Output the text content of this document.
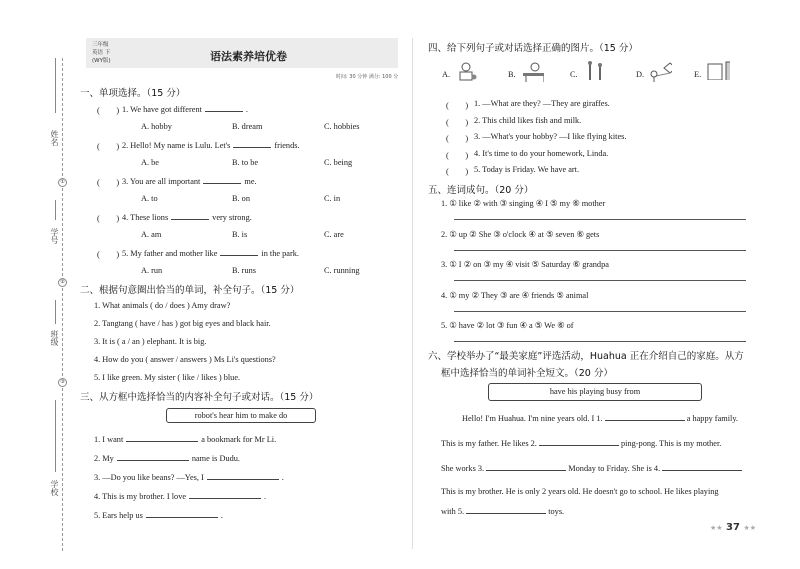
姓名
①
学号
②
班级
③
学校
三年级
英语 下
(WY版)	语法素养培优卷
时间: 30 分钟 满分: 100 分
一、单项选择。（15 分）
(　　) 1. We have got different	.
A. hobby	B. dream	C. hobbies
(　　) 2. Hello! My name is Lulu. Let's	friends.
A. be	B. to be	C. being
(　　) 3. You are all important	me.
A. to	B. on	C. in
(　　) 4. These lions	very strong.
A. am	B. is	C. are
(　　) 5. My father and mother like	in the park.
A. run	B. runs	C. running
二、根据句意圈出恰当的单词，补全句子。（15 分）
1. What animals ( do / does ) Amy draw?
2. Tangtang ( have / has ) got big eyes and black hair.
3. It is ( a / an ) elephant. It is big.
4. How do you ( answer / answers ) Ms Li's questions?
5. I like green. My sister ( like / likes ) blue.
三、从方框中选择恰当的内容补全句子或对话。（15 分）
robot's hear him to make do
1. I want	a bookmark for Mr Li.
2. My	name is Dudu.
3. —Do you like beans? —Yes, I	.
4. This is my brother. I love	.
5. Ears help us	.
四、给下列句子或对话选择正确的图片。（15 分）
A.	B.	C.	D.	E.
(　　) 1. —What are they? —They are giraffes.
(　　) 2. This child likes fish and milk.
(　　) 3. —What's your hobby? —I like flying kites.
(　　) 4. It's time to do your homework, Linda.
(　　) 5. Today is Friday. We have art.
五、连词成句。（20 分）
1. ① like ② with ③ singing ④ I ⑤ my ⑥ mother
2. ① up ② She ③ o'clock ④ at ⑤ seven ⑥ gets
3. ① I ② on ③ my ④ visit ⑤ Saturday ⑥ grandpa
4. ① my ② They ③ are ④ friends ⑤ animal
5. ① have ② lot ③ fun ④ a ⑤ We ⑥ of
六、学校举办了“最美家庭”评选活动，Huahua 正在介绍自己的家庭。从方
框中选择恰当的单词补全短文。（20 分）
have his playing busy from
Hello! I'm Huahua. I'm nine years old. I 1.	a happy family.
This is my father. He likes 2.	ping-pong. This is my mother.
She works 3.	Monday to Friday. She is 4.
This is my brother. He is only 2 years old. He doesn't go to school. He likes playing
with 5.	toys.
★★ 37 ★★
